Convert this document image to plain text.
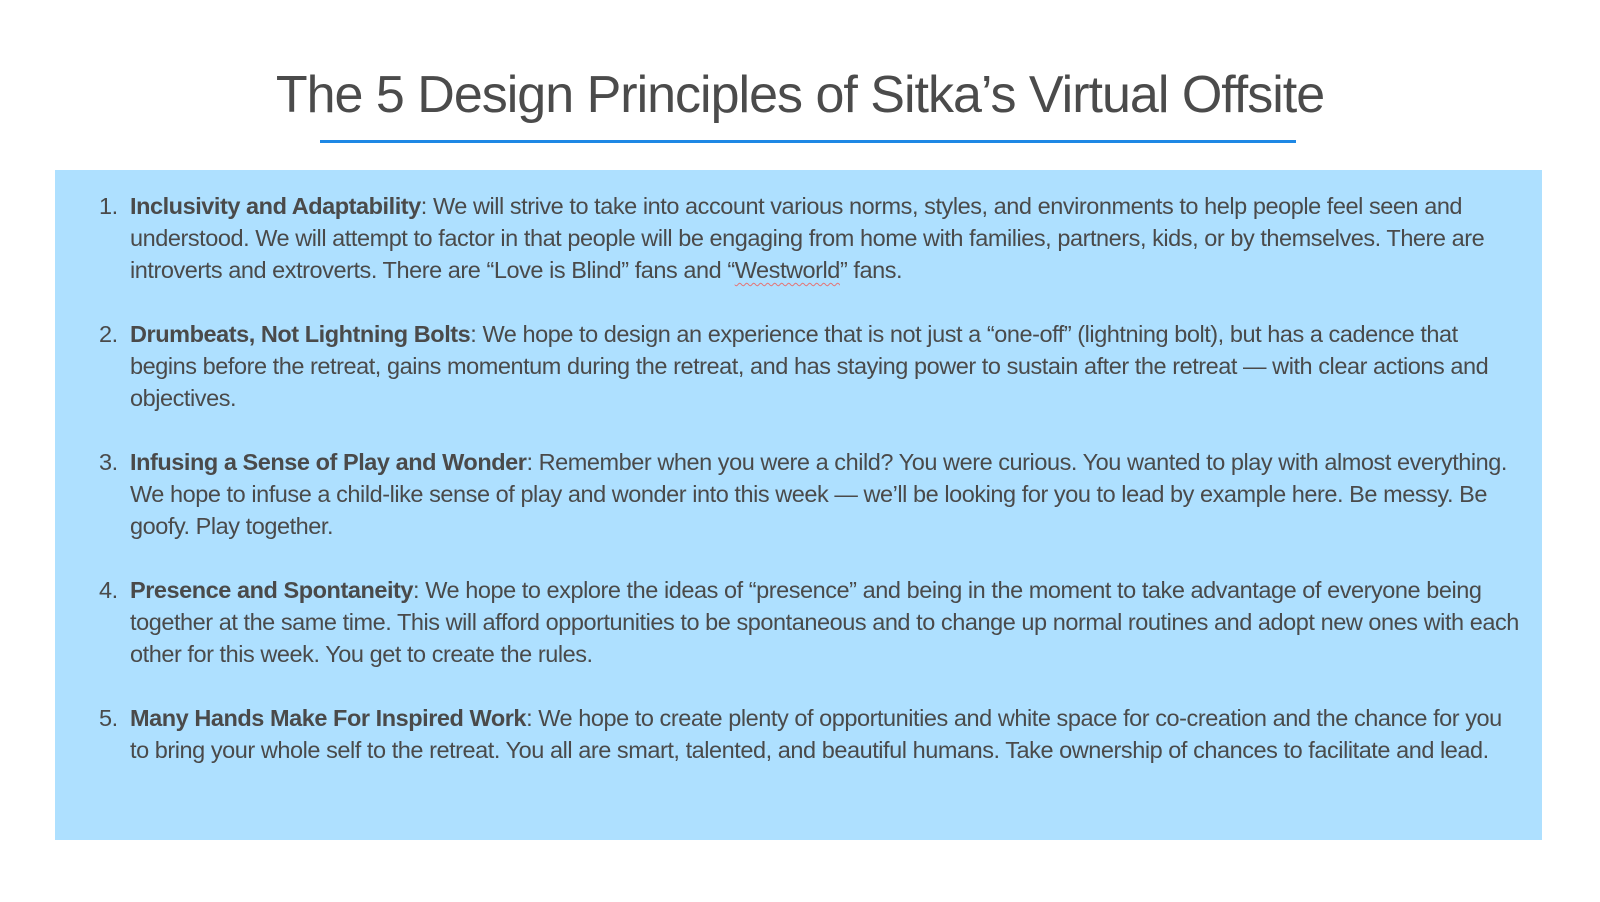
The 5 Design Principles of Sitka’s Virtual Offsite
1. Inclusivity and Adaptability: We will strive to take into account various norms, styles, and environments to help people feel seen and understood. We will attempt to factor in that people will be engaging from home with families, partners, kids, or by themselves. There are introverts and extroverts. There are “Love is Blind” fans and “Westworld” fans.
2. Drumbeats, Not Lightning Bolts: We hope to design an experience that is not just a “one-off” (lightning bolt), but has a cadence that begins before the retreat, gains momentum during the retreat, and has staying power to sustain after the retreat — with clear actions and objectives.
3. Infusing a Sense of Play and Wonder: Remember when you were a child? You were curious. You wanted to play with almost everything. We hope to infuse a child-like sense of play and wonder into this week — we’ll be looking for you to lead by example here. Be messy. Be goofy. Play together.
4. Presence and Spontaneity: We hope to explore the ideas of “presence” and being in the moment to take advantage of everyone being together at the same time. This will afford opportunities to be spontaneous and to change up normal routines and adopt new ones with each other for this week. You get to create the rules.
5. Many Hands Make For Inspired Work: We hope to create plenty of opportunities and white space for co-creation and the chance for you to bring your whole self to the retreat. You all are smart, talented, and beautiful humans. Take ownership of chances to facilitate and lead.
